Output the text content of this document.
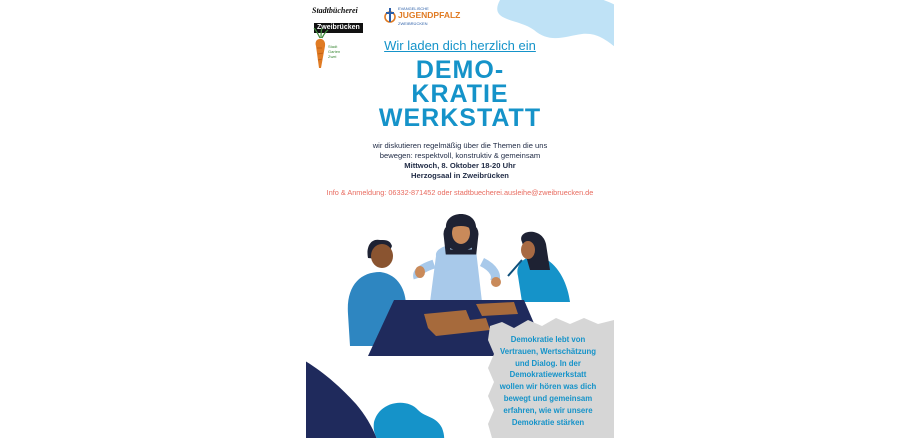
Stadtbücherei
Zweibrücken
EVANGELISCHE
JUGENDPFALZ
ZWEIBRÜCKEN
Stadt Garten Zwei
Wir laden dich herzlich ein
DEMO-
KRATIE
WERKSTATT
wir diskutieren regelmäßig über die Themen die uns
bewegen: respektvoll, konstruktiv & gemeinsam
Mittwoch, 8. Oktober 18-20 Uhr
Herzogsaal in Zweibrücken
Info & Anmeldung: 06332-871452 oder stadtbuecherei.ausleihe@zweibruecken.de
Demokratie lebt von
Vertrauen, Wertschätzung
und Dialog. In der
Demokratiewerkstatt
wollen wir hören was dich
bewegt und gemeinsam
erfahren, wie wir unsere
Demokratie stärken
